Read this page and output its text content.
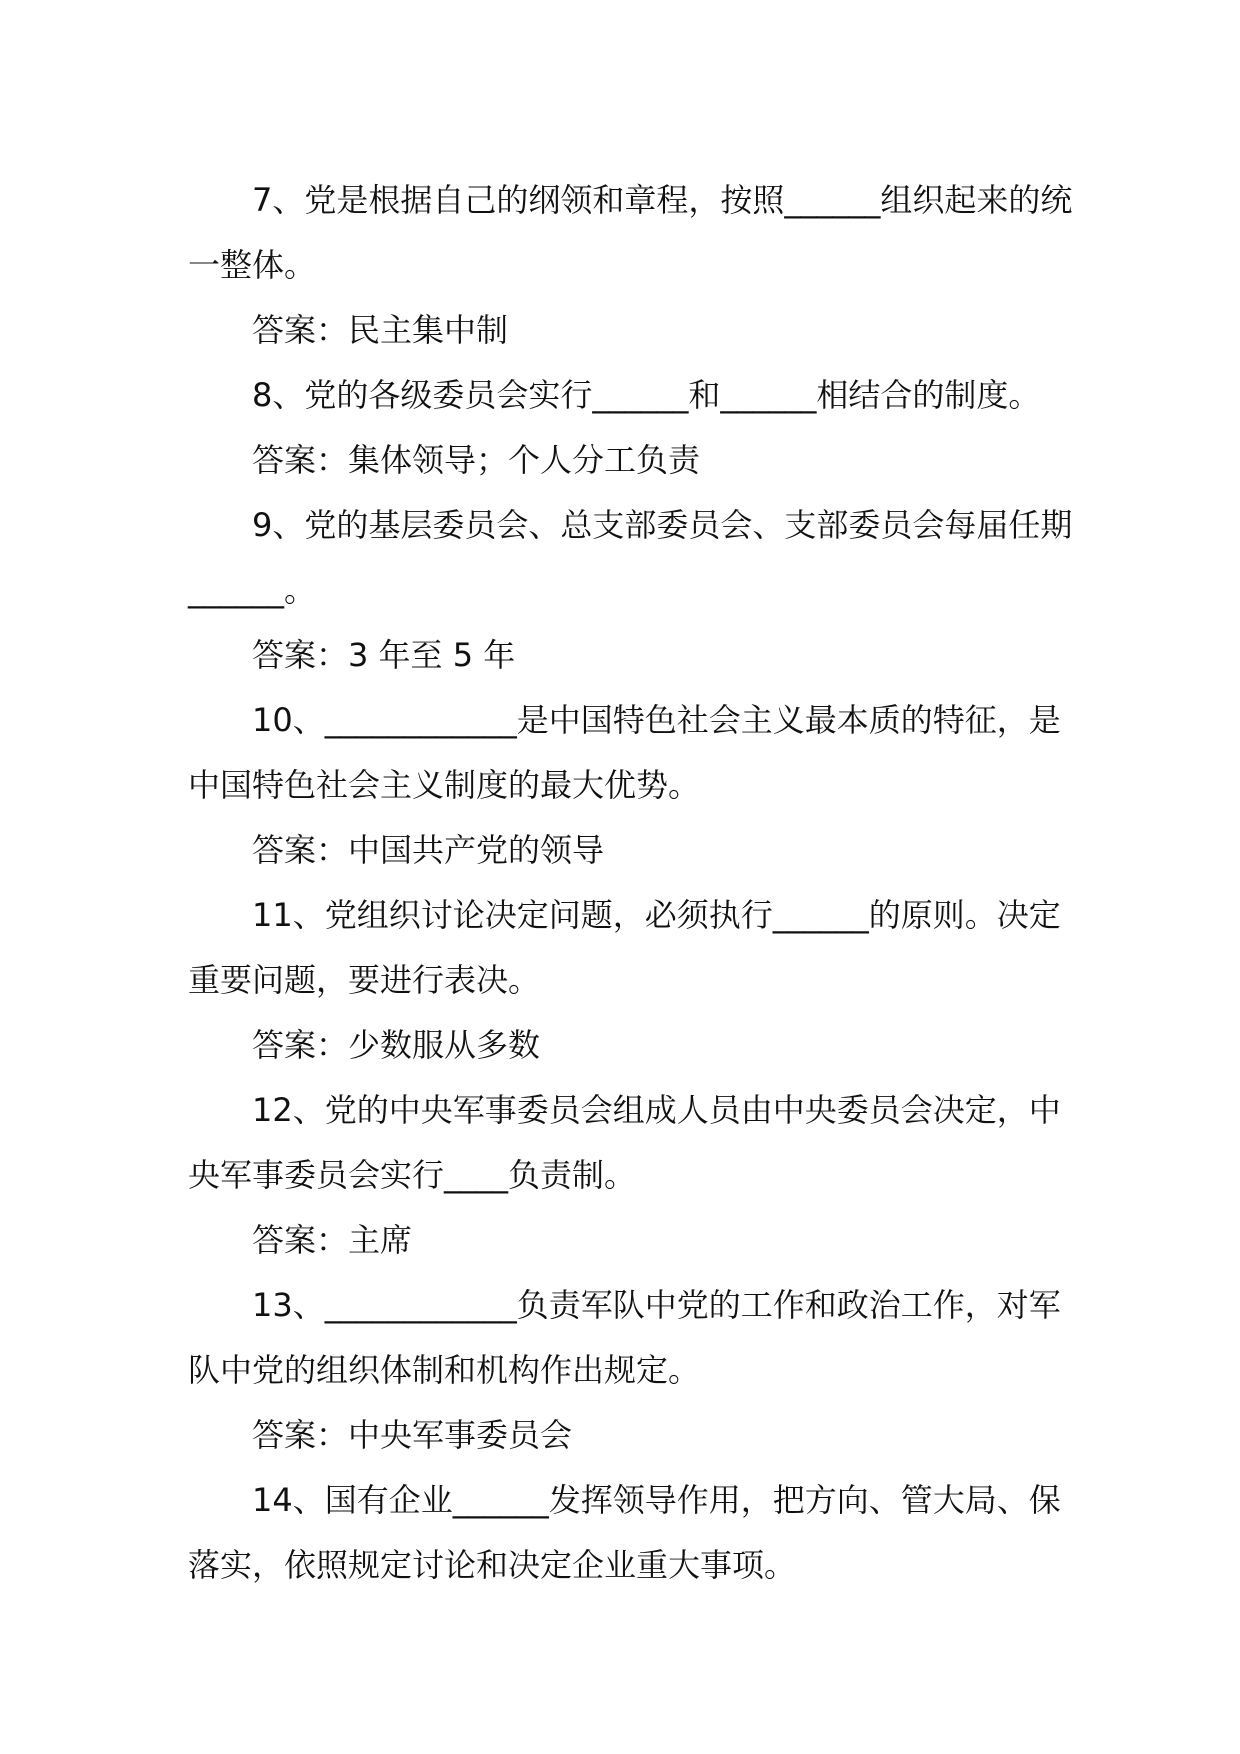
7、党是根据自己的纲领和章程，按照______组织起来的统一整体。

答案：民主集中制

8、党的各级委员会实行______和______相结合的制度。

答案：集体领导；个人分工负责

9、党的基层委员会、总支部委员会、支部委员会每届任期______。

答案：3 年至 5 年

10、____________是中国特色社会主义最本质的特征，是中国特色社会主义制度的最大优势。

答案：中国共产党的领导

11、党组织讨论决定问题，必须执行______的原则。决定重要问题，要进行表决。

答案：少数服从多数

12、党的中央军事委员会组成人员由中央委员会决定，中央军事委员会实行____负责制。

答案：主席

13、____________负责军队中党的工作和政治工作，对军队中党的组织体制和机构作出规定。

答案：中央军事委员会

14、国有企业______发挥领导作用，把方向、管大局、保落实，依照规定讨论和决定企业重大事项。
